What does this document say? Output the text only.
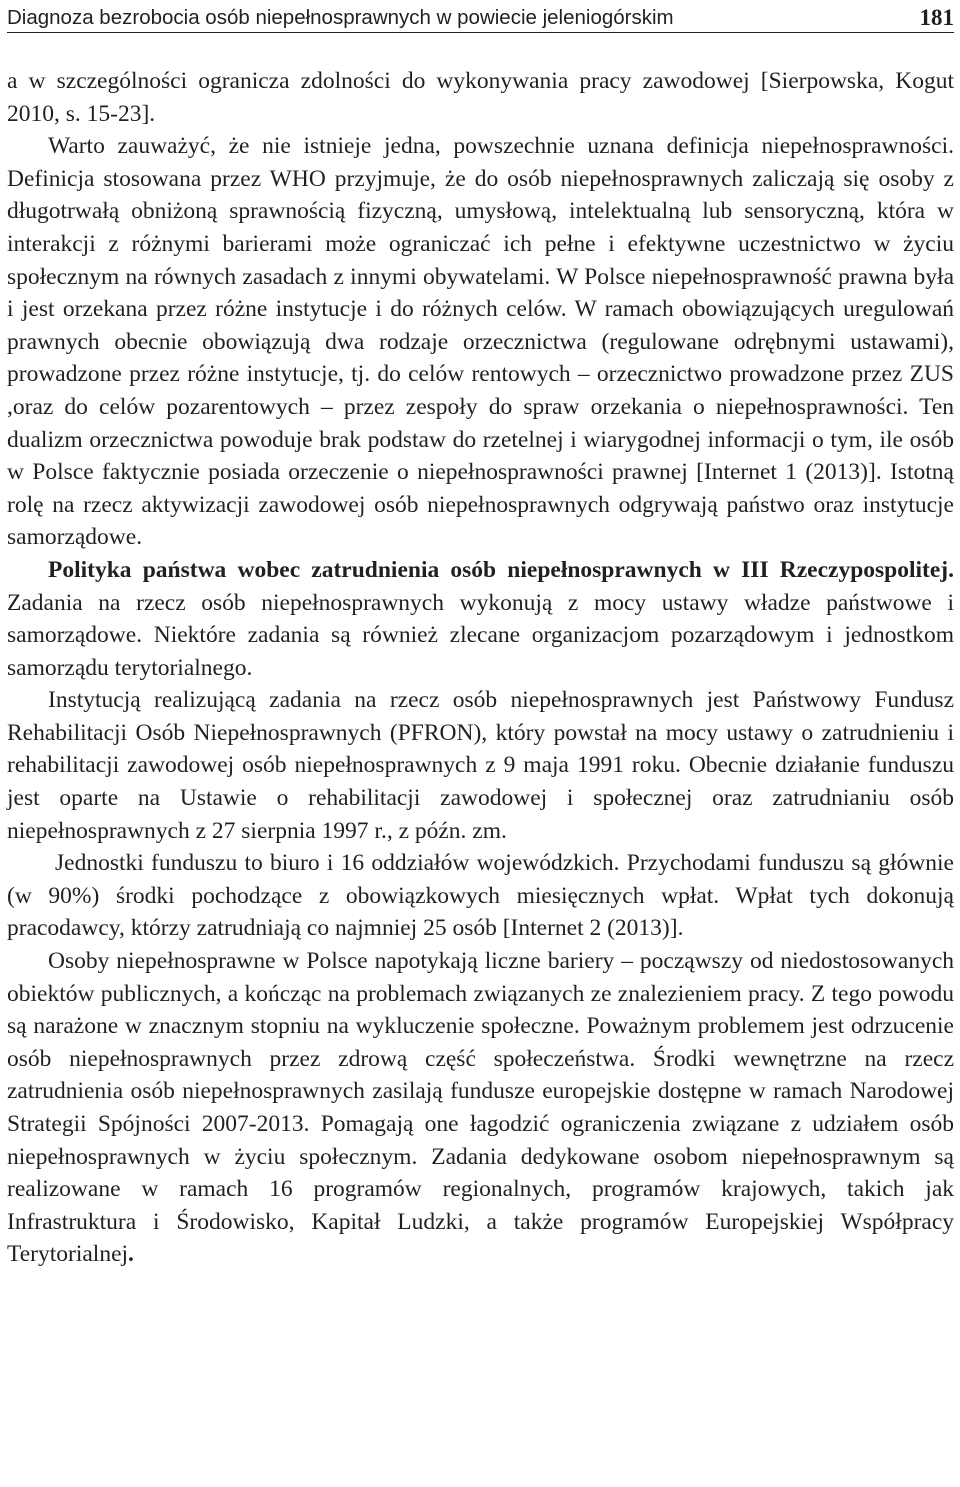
Diagnoza bezrobocia osób niepełnosprawnych w powiecie jeleniogórskim	181

a w szczególności ogranicza zdolności do wykonywania pracy zawodowej [Sierpowska, Kogut 2010, s. 15-23].

Warto zauważyć, że nie istnieje jedna, powszechnie uznana definicja niepełnosprawności. Definicja stosowana przez WHO przyjmuje, że do osób niepełnosprawnych zaliczają się osoby z długotrwałą obniżoną sprawnością fizyczną, umysłową, intelektualną lub sensoryczną, która w interakcji z różnymi barierami może ograniczać ich pełne i efektywne uczestnictwo w życiu społecznym na równych zasadach z innymi obywatelami. W Polsce niepełnosprawność prawna była i jest orzekana przez różne instytucje i do różnych celów. W ramach obowiązujących uregulowań prawnych obecnie obowiązują dwa rodzaje orzecznictwa (regulowane odrębnymi ustawami), prowadzone przez różne instytucje, tj. do celów rentowych – orzecznictwo prowadzone przez ZUS ,oraz do celów pozarentowych – przez zespoły do spraw orzekania o niepełnosprawności. Ten dualizm orzecznictwa powoduje brak podstaw do rzetelnej i wiarygodnej informacji o tym, ile osób w Polsce faktycznie posiada orzeczenie o niepełnosprawności prawnej [Internet 1 (2013)]. Istotną rolę na rzecz aktywizacji zawodowej osób niepełnosprawnych odgrywają państwo oraz instytucje samorządowe.

Polityka państwa wobec zatrudnienia osób niepełnosprawnych w III Rzeczypospolitej. Zadania na rzecz osób niepełnosprawnych wykonują z mocy ustawy władze państwowe i samorządowe. Niektóre zadania są również zlecane organizacjom pozarządowym i jednostkom samorządu terytorialnego.

Instytucją realizującą zadania na rzecz osób niepełnosprawnych jest Państwowy Fundusz Rehabilitacji Osób Niepełnosprawnych (PFRON), który powstał na mocy ustawy o zatrudnieniu i rehabilitacji zawodowej osób niepełnosprawnych z 9 maja 1991 roku. Obecnie działanie funduszu jest oparte na Ustawie o rehabilitacji zawodowej i społecznej oraz zatrudnianiu osób niepełnosprawnych z 27 sierpnia 1997 r., z późn. zm.

Jednostki funduszu to biuro i 16 oddziałów wojewódzkich. Przychodami funduszu są głównie (w 90%) środki pochodzące z obowiązkowych miesięcznych wpłat. Wpłat tych dokonują pracodawcy, którzy zatrudniają co najmniej 25 osób [Internet 2 (2013)].

Osoby niepełnosprawne w Polsce napotykają liczne bariery – począwszy od niedostosowanych obiektów publicznych, a kończąc na problemach związanych ze znalezieniem pracy. Z tego powodu są narażone w znacznym stopniu na wykluczenie społeczne. Poważnym problemem jest odrzucenie osób niepełnosprawnych przez zdrową część społeczeństwa. Środki wewnętrzne na rzecz zatrudnienia osób niepełnosprawnych zasilają fundusze europejskie dostępne w ramach Narodowej Strategii Spójności 2007-2013. Pomagają one łagodzić ograniczenia związane z udziałem osób niepełnosprawnych w życiu społecznym. Zadania dedykowane osobom niepełnosprawnym są realizowane w ramach 16 programów regionalnych, programów krajowych, takich jak Infrastruktura i Środowisko, Kapitał Ludzki, a także programów Europejskiej Współpracy Terytorialnej.
